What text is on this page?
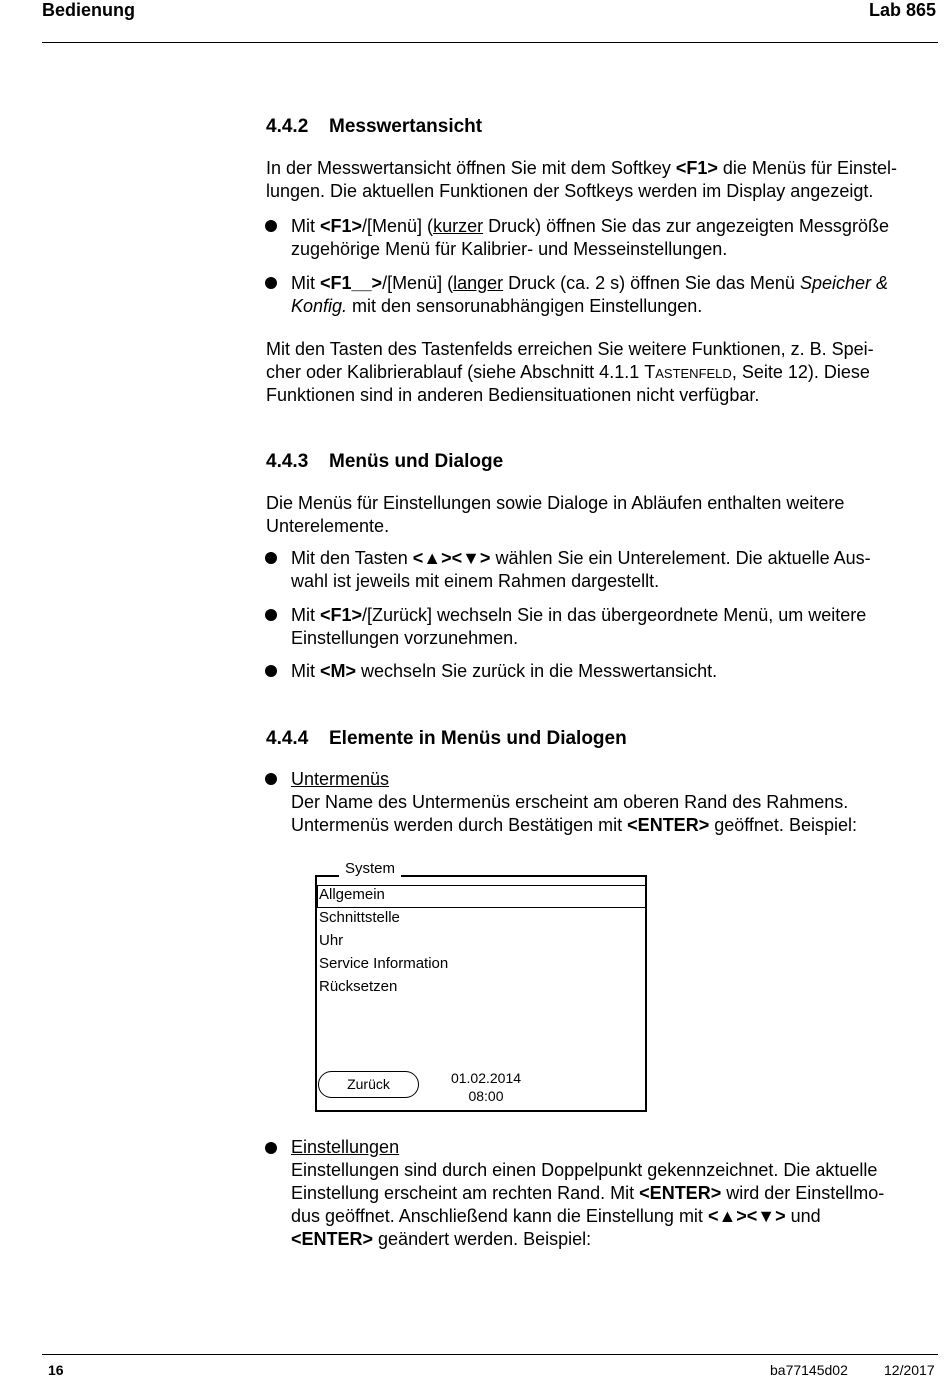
Bedienung	Lab 865
4.4.2 Messwertansicht
In der Messwertansicht öffnen Sie mit dem Softkey <F1> die Menüs für Einstel-
lungen. Die aktuellen Funktionen der Softkeys werden im Display angezeigt.
Mit <F1>/[Menü] (kurzer Druck) öffnen Sie das zur angezeigten Messgröße
zugehörige Menü für Kalibrier- und Messeinstellungen.
Mit <F1__>/[Menü] (langer Druck (ca. 2 s) öffnen Sie das Menü Speicher &
Konfig. mit den sensorunabhängigen Einstellungen.
Mit den Tasten des Tastenfelds erreichen Sie weitere Funktionen, z. B. Spei-
cher oder Kalibrierablauf (siehe Abschnitt 4.1.1 Tastenfeld, Seite 12). Diese
Funktionen sind in anderen Bediensituationen nicht verfügbar.
4.4.3 Menüs und Dialoge
Die Menüs für Einstellungen sowie Dialoge in Abläufen enthalten weitere
Unterelemente.
Mit den Tasten <▲><▼> wählen Sie ein Unterelement. Die aktuelle Aus-
wahl ist jeweils mit einem Rahmen dargestellt.
Mit <F1>/[Zurück] wechseln Sie in das übergeordnete Menü, um weitere
Einstellungen vorzunehmen.
Mit <M> wechseln Sie zurück in die Messwertansicht.
4.4.4 Elemente in Menüs und Dialogen
Untermenüs
Der Name des Untermenüs erscheint am oberen Rand des Rahmens.
Untermenüs werden durch Bestätigen mit <ENTER> geöffnet. Beispiel:
System
Allgemein
Schnittstelle
Uhr
Service Information
Rücksetzen
Zurück	01.02.2014
08:00
Einstellungen
Einstellungen sind durch einen Doppelpunkt gekennzeichnet. Die aktuelle
Einstellung erscheint am rechten Rand. Mit <ENTER> wird der Einstellmo-
dus geöffnet. Anschließend kann die Einstellung mit <▲><▼> und
<ENTER> geändert werden. Beispiel:
16	ba77145d02	12/2017
